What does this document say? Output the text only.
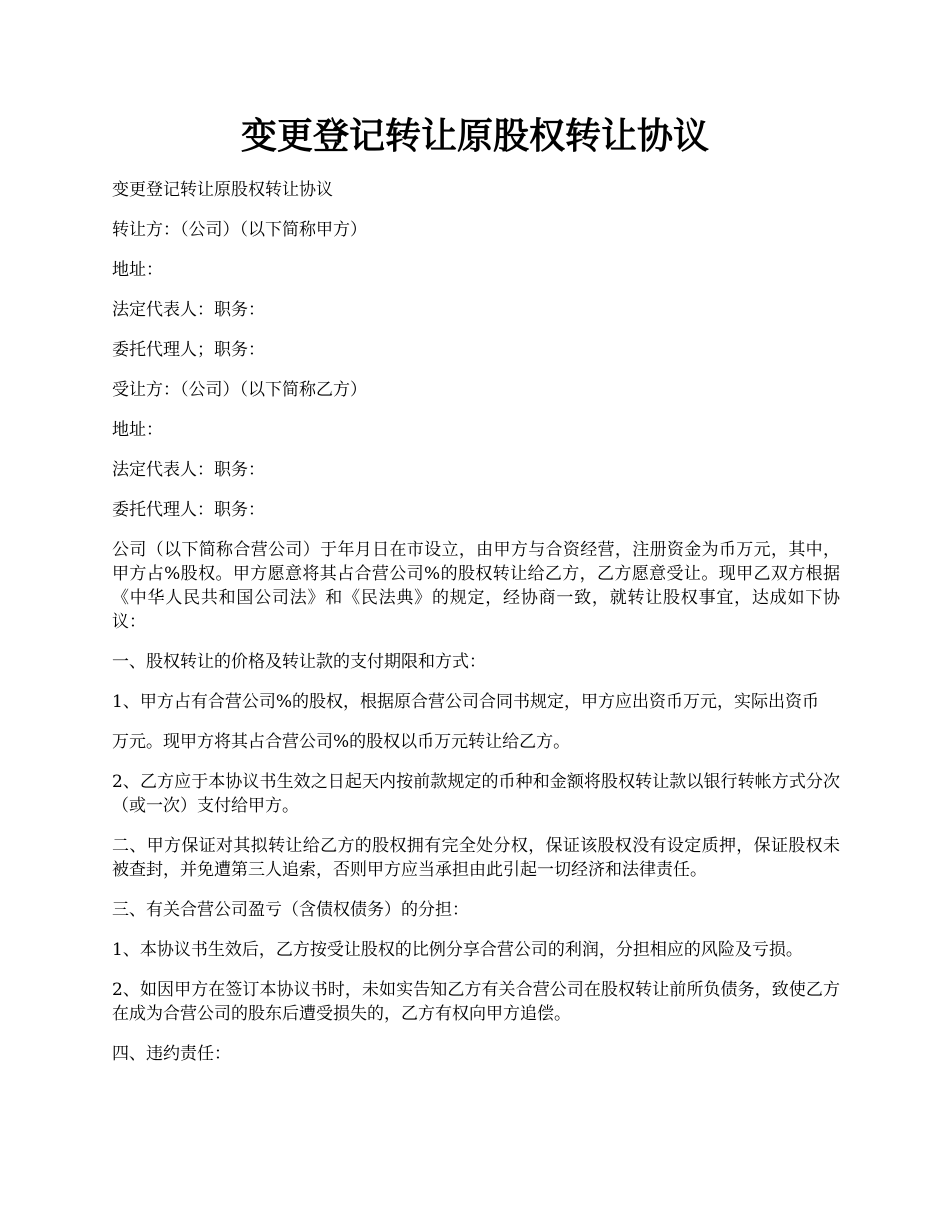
变更登记转让原股权转让协议

变更登记转让原股权转让协议

转让方：（公司）（以下简称甲方）

地址：

法定代表人：职务：

委托代理人；职务：

受让方：（公司）（以下简称乙方）

地址：

法定代表人：职务：

委托代理人：职务：

公司（以下简称合营公司）于年月日在市设立，由甲方与合资经营，注册资金为币万元，其中，甲方占%股权。甲方愿意将其占合营公司%的股权转让给乙方，乙方愿意受让。现甲乙双方根据《中华人民共和国公司法》和《民法典》的规定，经协商一致，就转让股权事宜，达成如下协议：

一、股权转让的价格及转让款的支付期限和方式：

1、甲方占有合营公司%的股权，根据原合营公司合同书规定，甲方应出资币万元，实际出资币

万元。现甲方将其占合营公司%的股权以币万元转让给乙方。

2、乙方应于本协议书生效之日起天内按前款规定的币种和金额将股权转让款以银行转帐方式分次（或一次）支付给甲方。

二、甲方保证对其拟转让给乙方的股权拥有完全处分权，保证该股权没有设定质押，保证股权未被查封，并免遭第三人追索，否则甲方应当承担由此引起一切经济和法律责任。

三、有关合营公司盈亏（含债权债务）的分担：

1、本协议书生效后，乙方按受让股权的比例分享合营公司的利润，分担相应的风险及亏损。

2、如因甲方在签订本协议书时，未如实告知乙方有关合营公司在股权转让前所负债务，致使乙方在成为合营公司的股东后遭受损失的，乙方有权向甲方追偿。

四、违约责任：
